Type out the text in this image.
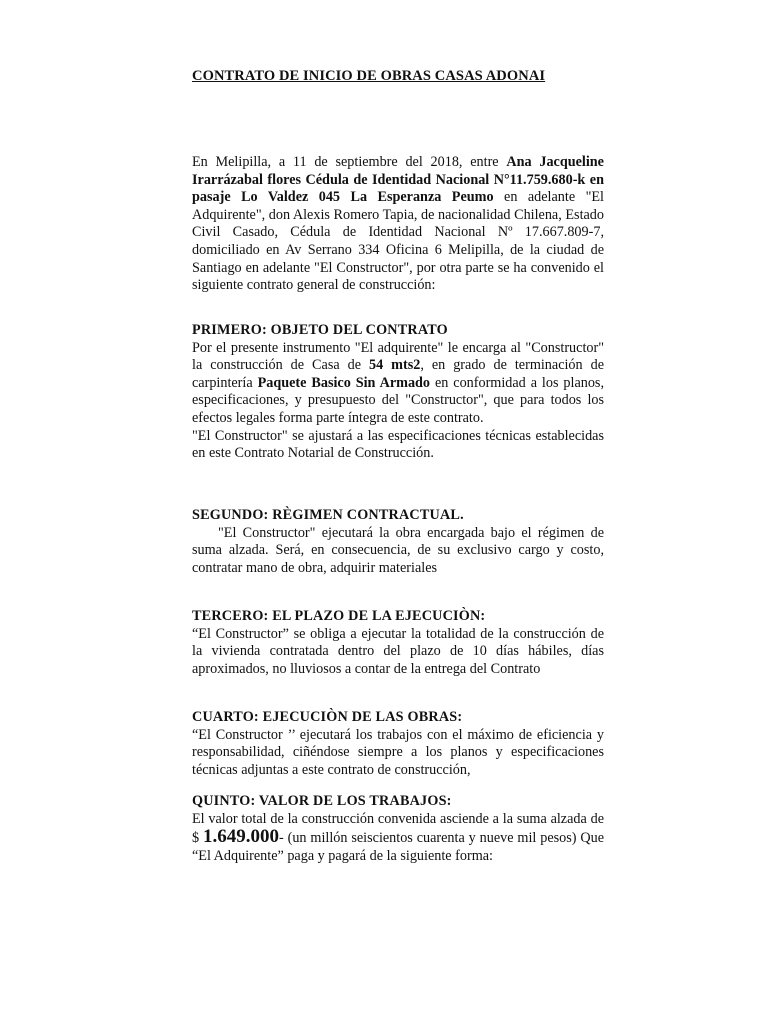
CONTRATO DE INICIO DE OBRAS CASAS ADONAI

En Melipilla, a 11 de septiembre del 2018, entre Ana Jacqueline Irarrázabal flores Cédula de Identidad Nacional N°11.759.680-k en pasaje Lo Valdez 045 La Esperanza Peumo en adelante "El Adquirente", don Alexis Romero Tapia, de nacionalidad Chilena, Estado Civil Casado, Cédula de Identidad Nacional Nº 17.667.809-7, domiciliado en Av Serrano 334 Oficina 6 Melipilla, de la ciudad de Santiago en adelante "El Constructor", por otra parte se ha convenido el siguiente contrato general de construcción:

PRIMERO: OBJETO DEL CONTRATO

Por el presente instrumento "El adquirente" le encarga al "Constructor" la construcción de Casa de 54 mts2, en grado de terminación de carpintería Paquete Basico Sin Armado en conformidad a los planos, especificaciones, y presupuesto del "Constructor", que para todos los efectos legales forma parte íntegra de este contrato.

"El Constructor" se ajustará a las especificaciones técnicas establecidas en este Contrato Notarial de Construcción.

SEGUNDO: RÈGIMEN CONTRACTUAL.

"El Constructor" ejecutará la obra encargada bajo el régimen de suma alzada. Será, en consecuencia, de su exclusivo cargo y costo, contratar mano de obra, adquirir materiales

TERCERO: EL PLAZO DE LA EJECUCIÒN:

“El Constructor” se obliga a ejecutar la totalidad de la construcción de la vivienda contratada dentro del plazo de 10 días hábiles, días aproximados, no lluviosos a contar de la entrega del Contrato

CUARTO: EJECUCIÒN DE LAS OBRAS:

“El Constructor ’’ ejecutará los trabajos con el máximo de eficiencia y responsabilidad, ciñéndose siempre a los planos y especificaciones técnicas adjuntas a este contrato de construcción,

QUINTO: VALOR DE LOS TRABAJOS:

El valor total de la construcción convenida asciende a la suma alzada de $ 1.649.000- (un millón seiscientos cuarenta y nueve mil pesos) Que “El Adquirente” paga y pagará de la siguiente forma:
